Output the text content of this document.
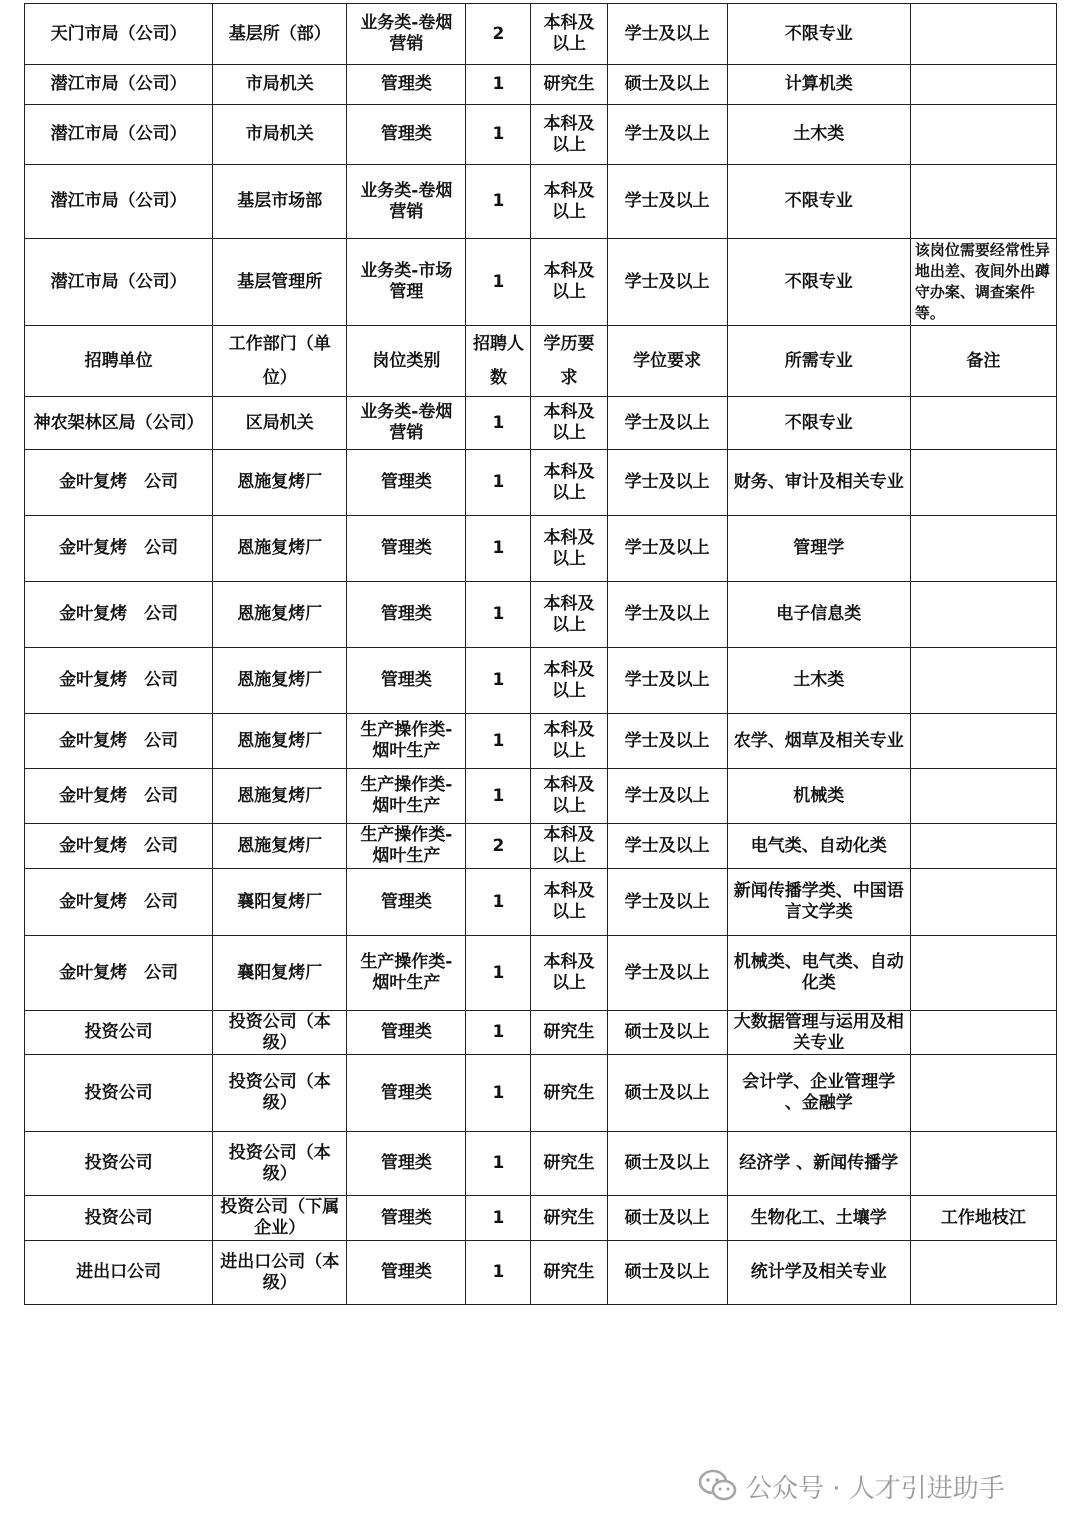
天门市局（公司）	基层所（部）	业务类-卷烟营销	2	本科及以上	学士及以上	不限专业	
潜江市局（公司）	市局机关	管理类	1	研究生	硕士及以上	计算机类	
潜江市局（公司）	市局机关	管理类	1	本科及以上	学士及以上	土木类	
潜江市局（公司）	基层市场部	业务类-卷烟营销	1	本科及以上	学士及以上	不限专业	
潜江市局（公司）	基层管理所	业务类-市场管理	1	本科及以上	学士及以上	不限专业	该岗位需要经常性异地出差、夜间外出蹲守办案、调查案件等。
招聘单位	工作部门（单位）	岗位类别	招聘人数	学历要求	学位要求	所需专业	备注
神农架林区局（公司）	区局机关	业务类-卷烟营销	1	本科及以上	学士及以上	不限专业	
金叶复烤　公司	恩施复烤厂	管理类	1	本科及以上	学士及以上	财务、审计及相关专业	
金叶复烤　公司	恩施复烤厂	管理类	1	本科及以上	学士及以上	管理学	
金叶复烤　公司	恩施复烤厂	管理类	1	本科及以上	学士及以上	电子信息类	
金叶复烤　公司	恩施复烤厂	管理类	1	本科及以上	学士及以上	土木类	
金叶复烤　公司	恩施复烤厂	生产操作类-烟叶生产	1	本科及以上	学士及以上	农学、烟草及相关专业	
金叶复烤　公司	恩施复烤厂	生产操作类-烟叶生产	1	本科及以上	学士及以上	机械类	
金叶复烤　公司	恩施复烤厂	生产操作类-烟叶生产	2	本科及以上	学士及以上	电气类、自动化类	
金叶复烤　公司	襄阳复烤厂	管理类	1	本科及以上	学士及以上	新闻传播学类、中国语言文学类	
金叶复烤　公司	襄阳复烤厂	生产操作类-烟叶生产	1	本科及以上	学士及以上	机械类、电气类、自动化类	
投资公司	投资公司（本级）	管理类	1	研究生	硕士及以上	大数据管理与运用及相关专业	
投资公司	投资公司（本级）	管理类	1	研究生	硕士及以上	会计学、企业管理学 、金融学	
投资公司	投资公司（本级）	管理类	1	研究生	硕士及以上	经济学 、新闻传播学	
投资公司	投资公司（下属企业）	管理类	1	研究生	硕士及以上	生物化工、土壤学	工作地枝江
进出口公司	进出口公司（本级）	管理类	1	研究生	硕士及以上	统计学及相关专业	
公众号 · 人才引进助手
